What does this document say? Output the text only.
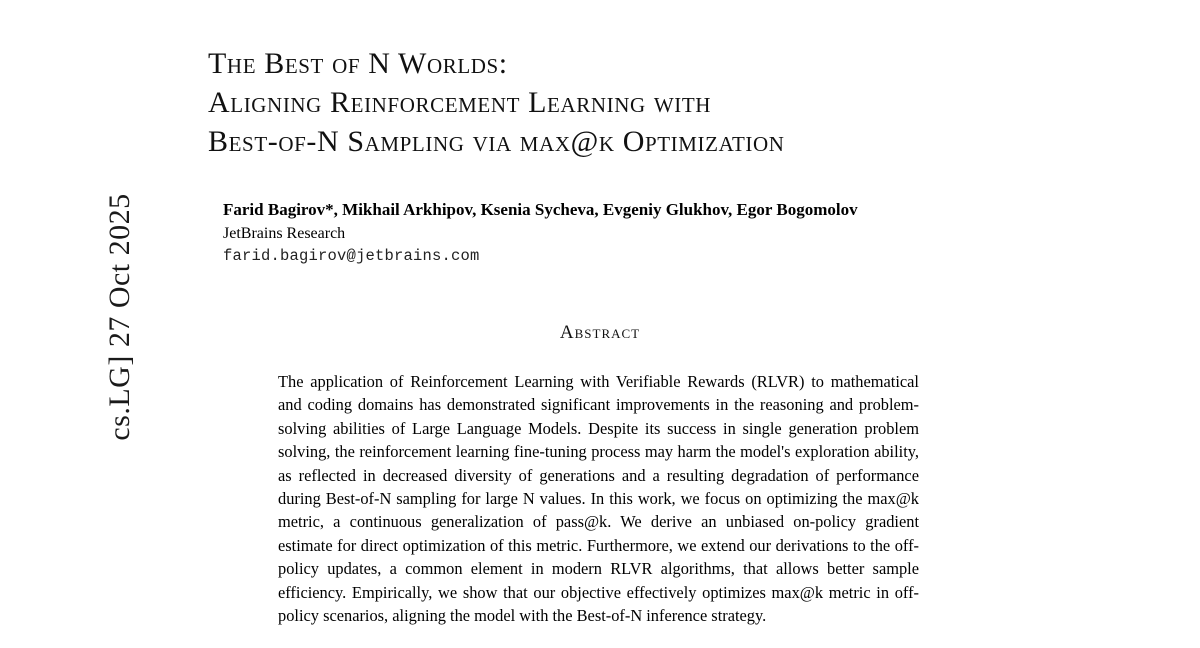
cs.LG] 27 Oct 2025
The Best of N Worlds:
Aligning Reinforcement Learning with
Best-of-N Sampling via max@k Optimization
Farid Bagirov*, Mikhail Arkhipov, Ksenia Sycheva, Evgeniy Glukhov, Egor Bogomolov
JetBrains Research
farid.bagirov@jetbrains.com
Abstract

The application of Reinforcement Learning with Verifiable Rewards (RLVR) to mathematical and coding domains has demonstrated significant improvements in the reasoning and problem-solving abilities of Large Language Models. Despite its success in single generation problem solving, the reinforcement learning fine-tuning process may harm the model's exploration ability, as reflected in decreased diversity of generations and a resulting degradation of performance during Best-of-N sampling for large N values. In this work, we focus on optimizing the max@k metric, a continuous generalization of pass@k. We derive an unbiased on-policy gradient estimate for direct optimization of this metric. Furthermore, we extend our derivations to the off-policy updates, a common element in modern RLVR algorithms, that allows better sample efficiency. Empirically, we show that our objective effectively optimizes max@k metric in off-policy scenarios, aligning the model with the Best-of-N inference strategy.
